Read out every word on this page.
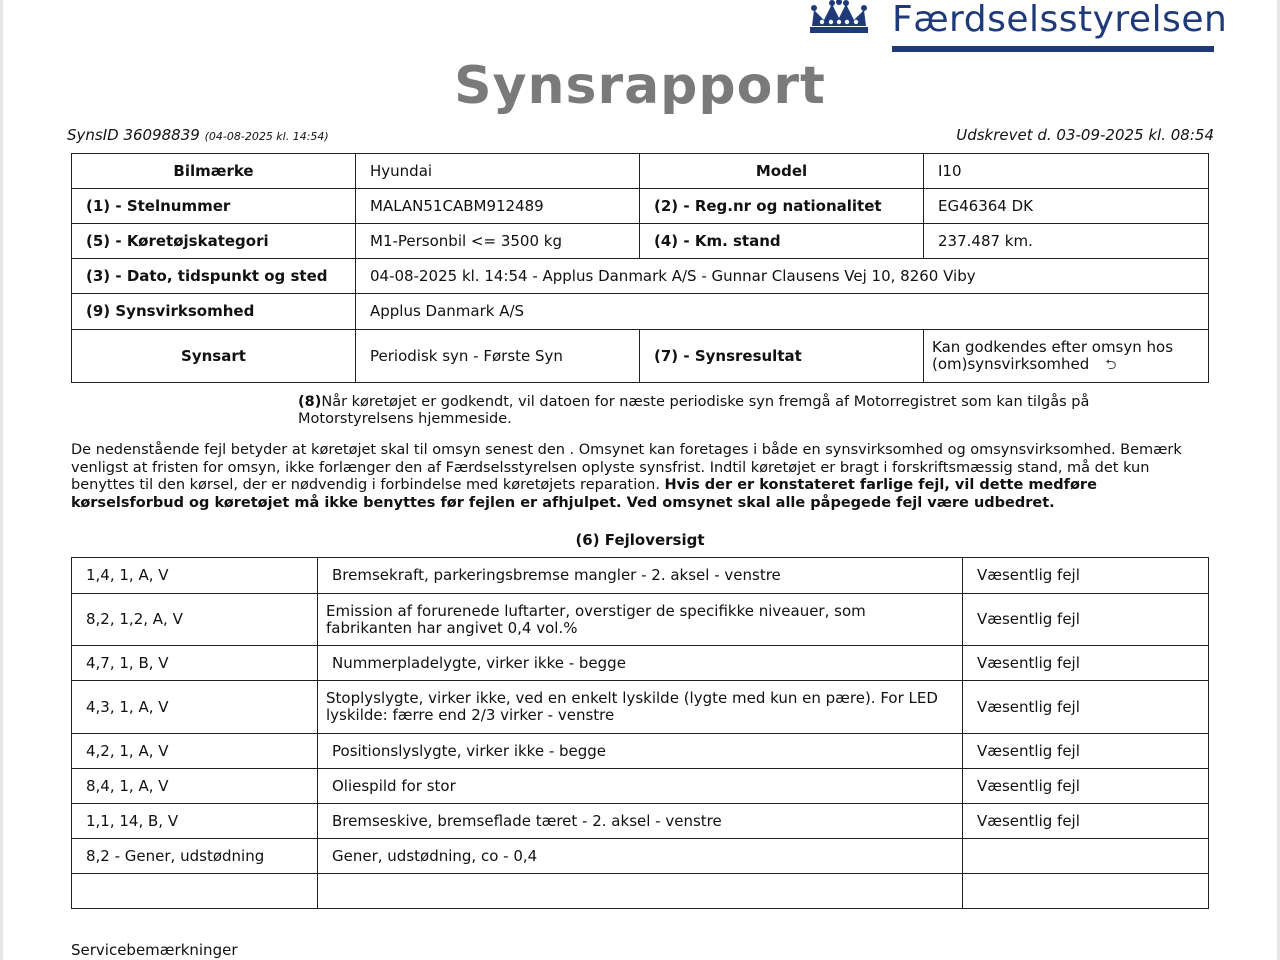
Færdselsstyrelsen
Synsrapport
SynsID 36098839 (04-08-2025 kl. 14:54)	Udskrevet d. 03-09-2025 kl. 08:54
Bilmærke	Hyundai	Model	I10
(1) - Stelnummer	MALAN51CABM912489	(2) - Reg.nr og nationalitet	EG46364 DK
(5) - Køretøjskategori	M1-Personbil <= 3500 kg	(4) - Km. stand	237.487 km.
(3) - Dato, tidspunkt og sted	04-08-2025 kl. 14:54 - Applus Danmark A/S - Gunnar Clausens Vej 10, 8260 Viby		
(9) Synsvirksomhed	Applus Danmark A/S		
Synsart	Periodisk syn - Første Syn	(7) - Synsresultat	Kan godkendes efter omsyn hos (om)synsvirksomhed ⮌
(8)Når køretøjet er godkendt, vil datoen for næste periodiske syn fremgå af Motorregistret som kan tilgås på Motorstyrelsens hjemmeside.
De nedenstående fejl betyder at køretøjet skal til omsyn senest den . Omsynet kan foretages i både en synsvirksomhed og omsynsvirksomhed. Bemærk venligst at fristen for omsyn, ikke forlænger den af Færdselsstyrelsen oplyste synsfrist. Indtil køretøjet er bragt i forskriftsmæssig stand, må det kun benyttes til den kørsel, der er nødvendig i forbindelse med køretøjets reparation. Hvis der er konstateret farlige fejl, vil dette medføre kørselsforbud og køretøjet må ikke benyttes før fejlen er afhjulpet. Ved omsynet skal alle påpegede fejl være udbedret.
(6) Fejloversigt
1,4, 1, A, V	Bremsekraft, parkeringsbremse mangler - 2. aksel - venstre	Væsentlig fejl
8,2, 1,2, A, V	Emission af forurenede luftarter, overstiger de specifikke niveauer, som fabrikanten har angivet 0,4 vol.%	Væsentlig fejl
4,7, 1, B, V	Nummerpladelygte, virker ikke - begge	Væsentlig fejl
4,3, 1, A, V	Stoplyslygte, virker ikke, ved en enkelt lyskilde (lygte med kun en pære). For LED lyskilde: færre end 2/3 virker - venstre	Væsentlig fejl
4,2, 1, A, V	Positionslyslygte, virker ikke - begge	Væsentlig fejl
8,4, 1, A, V	Oliespild for stor	Væsentlig fejl
1,1, 14, B, V	Bremseskive, bremseflade tæret - 2. aksel - venstre	Væsentlig fejl
8,2 - Gener, udstødning	Gener, udstødning, co - 0,4	

Servicebemærkninger
